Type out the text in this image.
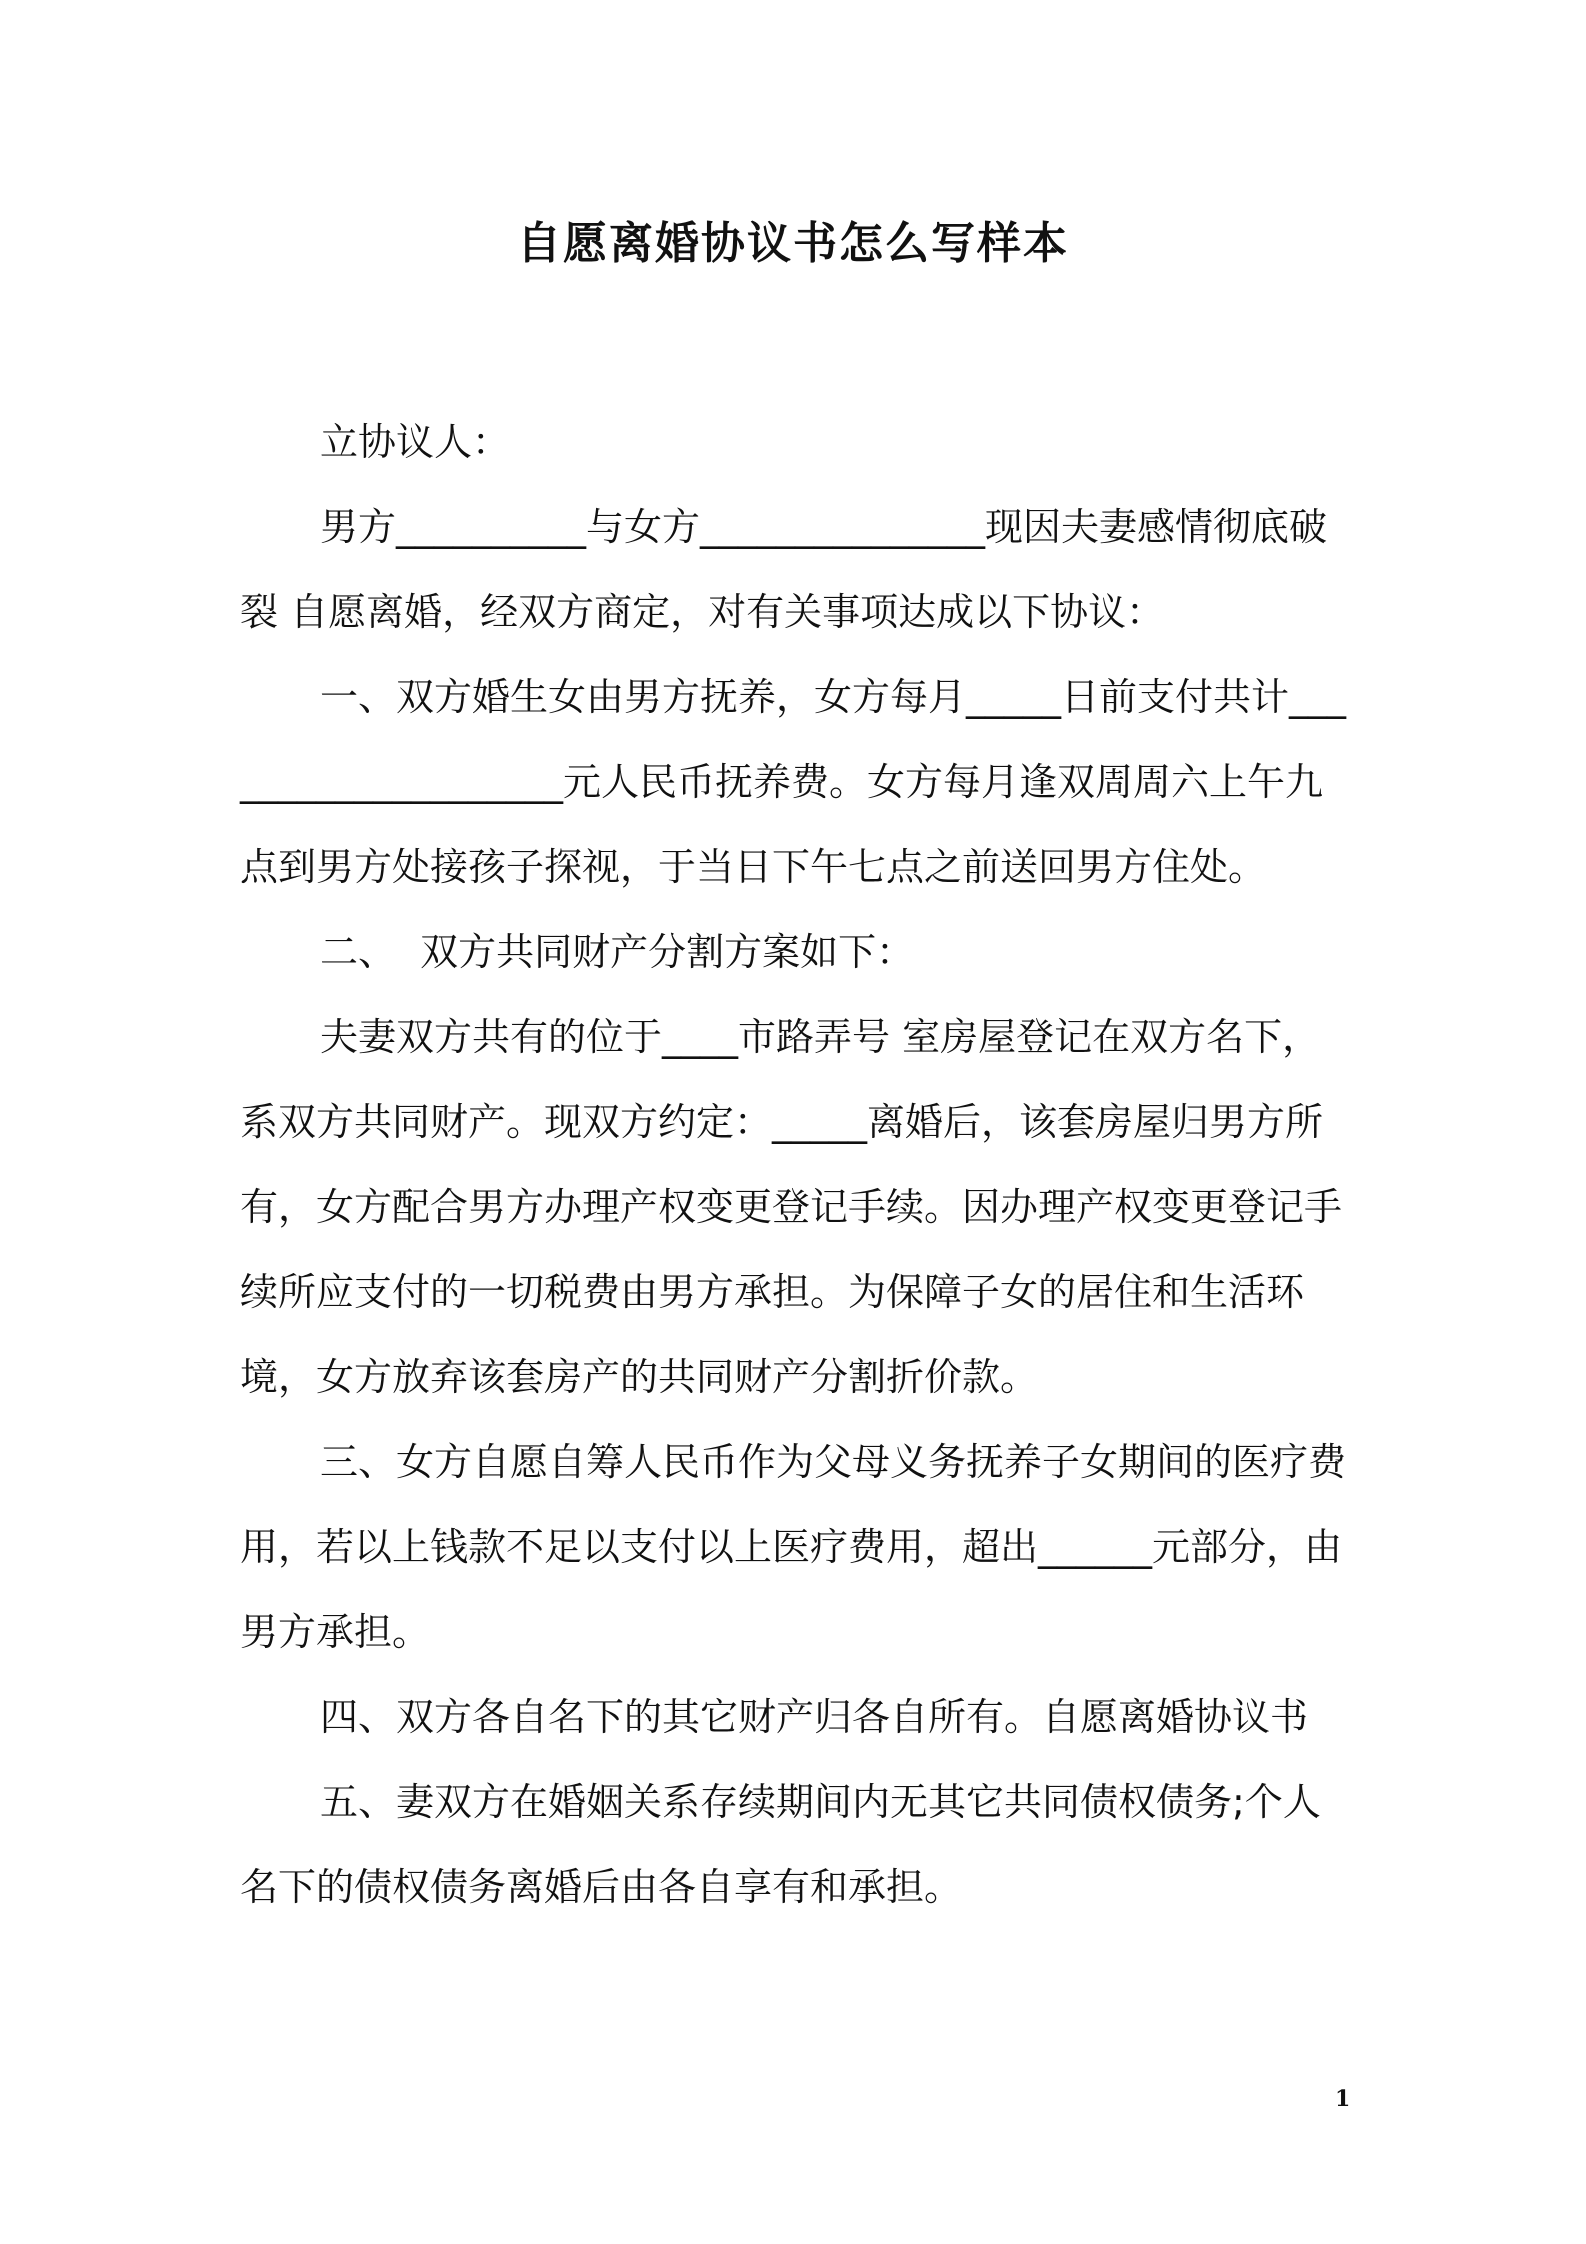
自愿离婚协议书怎么写样本

立协议人：

男方__________与女方_______________现因夫妻感情彻底破裂 自愿离婚，经双方商定，对有关事项达成以下协议：

一、双方婚生女由男方抚养，女方每月_____日前支付共计____________________元人民币抚养费。女方每月逢双周周六上午九点到男方处接孩子探视，于当日下午七点之前送回男方住处。

二、  双方共同财产分割方案如下：

夫妻双方共有的位于____市路弄号 室房屋登记在双方名下，系双方共同财产。现双方约定：_____离婚后，该套房屋归男方所有，女方配合男方办理产权变更登记手续。因办理产权变更登记手续所应支付的一切税费由男方承担。为保障子女的居住和生活环境，女方放弃该套房产的共同财产分割折价款。

三、女方自愿自筹人民币作为父母义务抚养子女期间的医疗费用，若以上钱款不足以支付以上医疗费用，超出______元部分，由男方承担。

四、双方各自名下的其它财产归各自所有。自愿离婚协议书

五、妻双方在婚姻关系存续期间内无其它共同债权债务;个人名下的债权债务离婚后由各自享有和承担。

1
